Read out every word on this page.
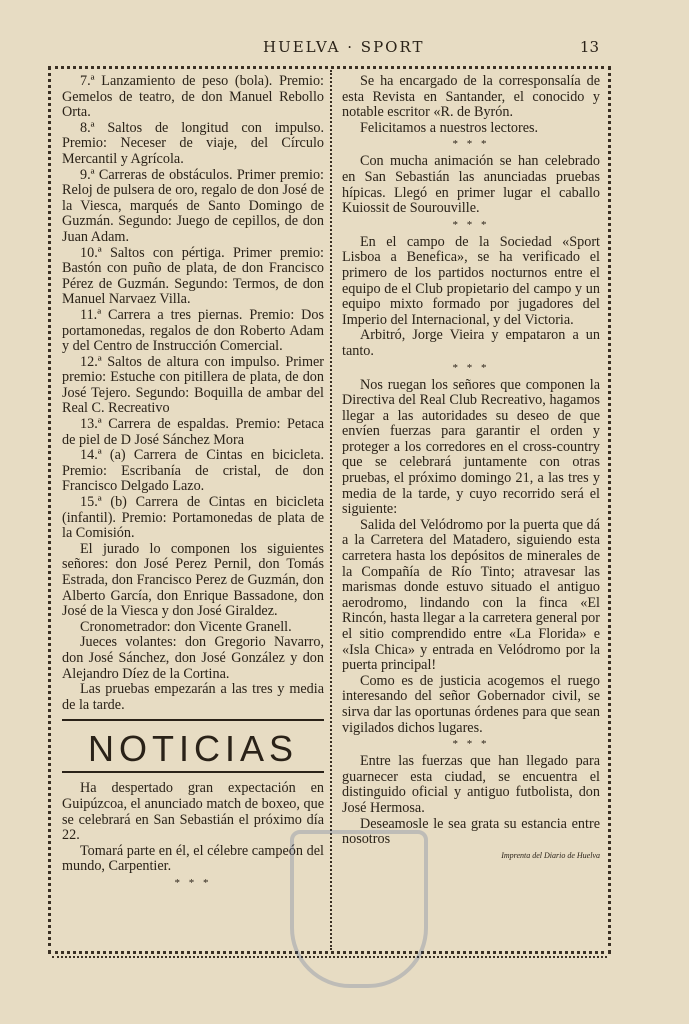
HUELVA · SPORT	13

7.ª Lanzamiento de peso (bola). Premio: Gemelos de teatro, de don Manuel Rebollo Orta.

8.ª Saltos de longitud con impulso. Premio: Neceser de viaje, del Círculo Mercantil y Agrícola.

9.ª Carreras de obstáculos. Primer premio: Reloj de pulsera de oro, regalo de don José de la Viesca, marqués de Santo Domingo de Guzmán. Segundo: Juego de cepillos, de don Juan Adam.

10.ª Saltos con pértiga. Primer premio: Bastón con puño de plata, de don Francisco Pérez de Guzmán. Segundo: Termos, de don Manuel Narvaez Villa.

11.ª Carrera a tres piernas. Premio: Dos portamonedas, regalos de don Roberto Adam y del Centro de Instrucción Comercial.

12.ª Saltos de altura con impulso. Primer premio: Estuche con pitillera de plata, de don José Tejero. Segundo: Boquilla de ambar del Real C. Recreativo

13.ª Carrera de espaldas. Premio: Petaca de piel de D José Sánchez Mora

14.ª (a) Carrera de Cintas en bicicleta. Premio: Escribanía de cristal, de don Francisco Delgado Lazo.

15.ª (b) Carrera de Cintas en bicicleta (infantil). Premio: Portamonedas de plata de la Comisión.

El jurado lo componen los siguientes señores: don José Perez Pernil, don Tomás Estrada, don Francisco Perez de Guzmán, don Alberto García, don Enrique Bassadone, don José de la Viesca y don José Giraldez.

Cronometrador: don Vicente Granell.

Jueces volantes: don Gregorio Navarro, don José Sánchez, don José González y don Alejandro Díez de la Cortina.

Las pruebas empezarán a las tres y media de la tarde.

NOTICIAS

Ha despertado gran expectación en Guipúzcoa, el anunciado match de boxeo, que se celebrará en San Sebastián el próximo día 22.

Tomará parte en él, el célebre campeón del mundo, Carpentier.

* * *

Se ha encargado de la corresponsalía de esta Revista en Santander, el conocido y notable escritor «R. de Byrón.

Felicitamos a nuestros lectores.

* * *

Con mucha animación se han celebrado en San Sebastián las anunciadas pruebas hípicas. Llegó en primer lugar el caballo Kuiossit de Sourouville.

* * *

En el campo de la Sociedad «Sport Lisboa a Benefica», se ha verificado el primero de los partidos nocturnos entre el equipo de el Club propietario del campo y un equipo mixto formado por jugadores del Imperio del Internacional, y del Victoria.

Arbitró, Jorge Vieira y empataron a un tanto.

* * *

Nos ruegan los señores que componen la Directiva del Real Club Recreativo, hagamos llegar a las autoridades su deseo de que envíen fuerzas para garantir el orden y proteger a los corredores en el cross-country que se celebrará juntamente con otras pruebas, el próximo domingo 21, a las tres y media de la tarde, y cuyo recorrido será el siguiente:

Salida del Velódromo por la puerta que dá a la Carretera del Matadero, siguiendo esta carretera hasta los depósitos de minerales de la Compañía de Río Tinto; atravesar las marismas donde estuvo situado el antiguo aerodromo, lindando con la finca «El Rincón, hasta llegar a la carretera general por el sitio comprendido entre «La Florida» e «Isla Chica» y entrada en Velódromo por la puerta principal!

Como es de justicia acogemos el ruego interesando del señor Gobernador civil, se sirva dar las oportunas órdenes para que sean vigilados dichos lugares.

* * *

Entre las fuerzas que han llegado para guarnecer esta ciudad, se encuentra el distinguido oficial y antiguo futbolista, don José Hermosa.

Deseamosle le sea grata su estancia entre nosotros

Imprenta del Diario de Huelva
